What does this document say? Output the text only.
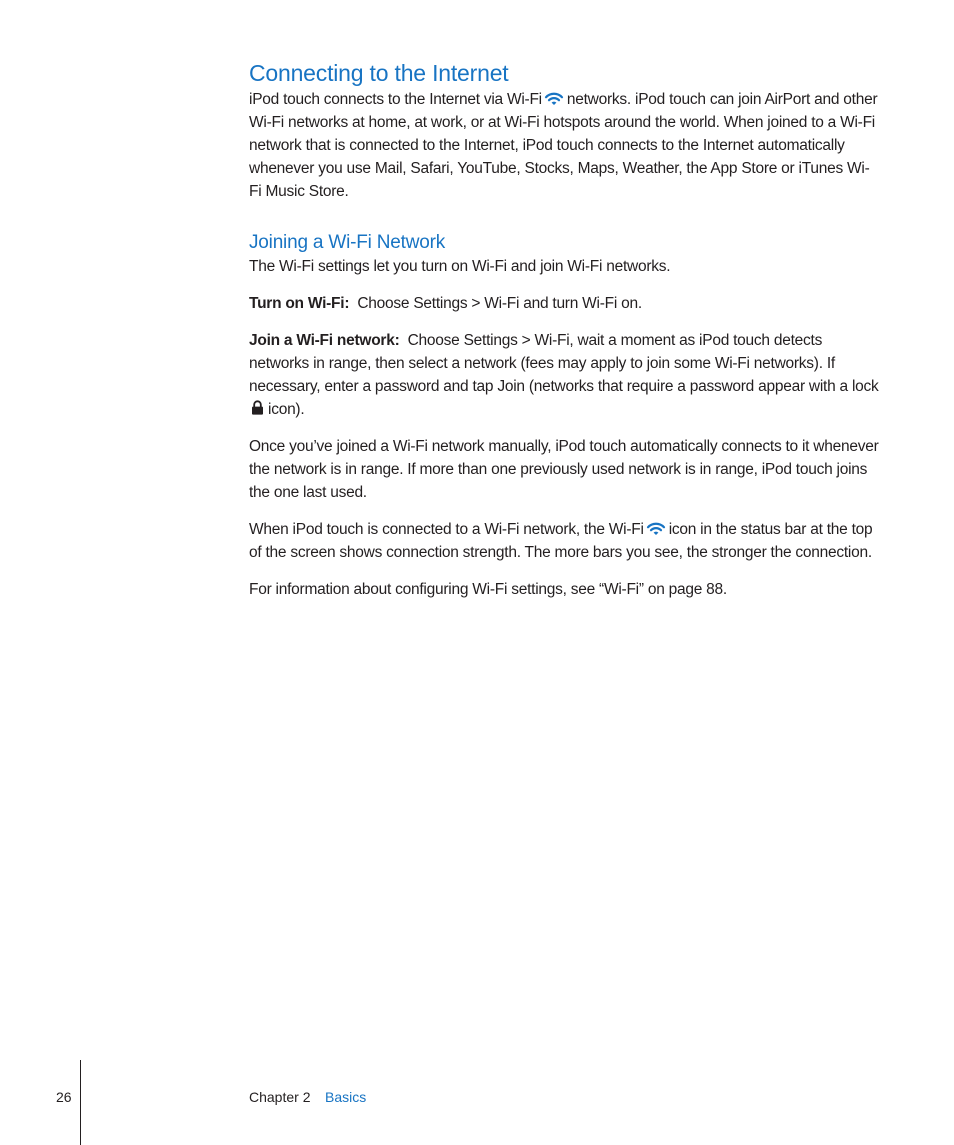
Connecting to the Internet

iPod touch connects to the Internet via Wi-Fi networks. iPod touch can join AirPort and other Wi-Fi networks at home, at work, or at Wi-Fi hotspots around the world. When joined to a Wi-Fi network that is connected to the Internet, iPod touch connects to the Internet automatically whenever you use Mail, Safari, YouTube, Stocks, Maps, Weather, the App Store or iTunes Wi-Fi Music Store.

Joining a Wi-Fi Network

The Wi-Fi settings let you turn on Wi-Fi and join Wi-Fi networks.

Turn on Wi-Fi: Choose Settings > Wi-Fi and turn Wi-Fi on.

Join a Wi-Fi network: Choose Settings > Wi-Fi, wait a moment as iPod touch detects networks in range, then select a network (fees may apply to join some Wi-Fi networks). If necessary, enter a password and tap Join (networks that require a password appear with a lockicon).

Once you’ve joined a Wi-Fi network manually, iPod touch automatically connects to it whenever the network is in range. If more than one previously used network is in range, iPod touch joins the one last used.

When iPod touch is connected to a Wi-Fi network, the Wi-Fi icon in the status bar at the top of the screen shows connection strength. The more bars you see, the stronger the connection.

For information about configuring Wi-Fi settings, see “Wi-Fi” on page 88.

26	Chapter 2 Basics
